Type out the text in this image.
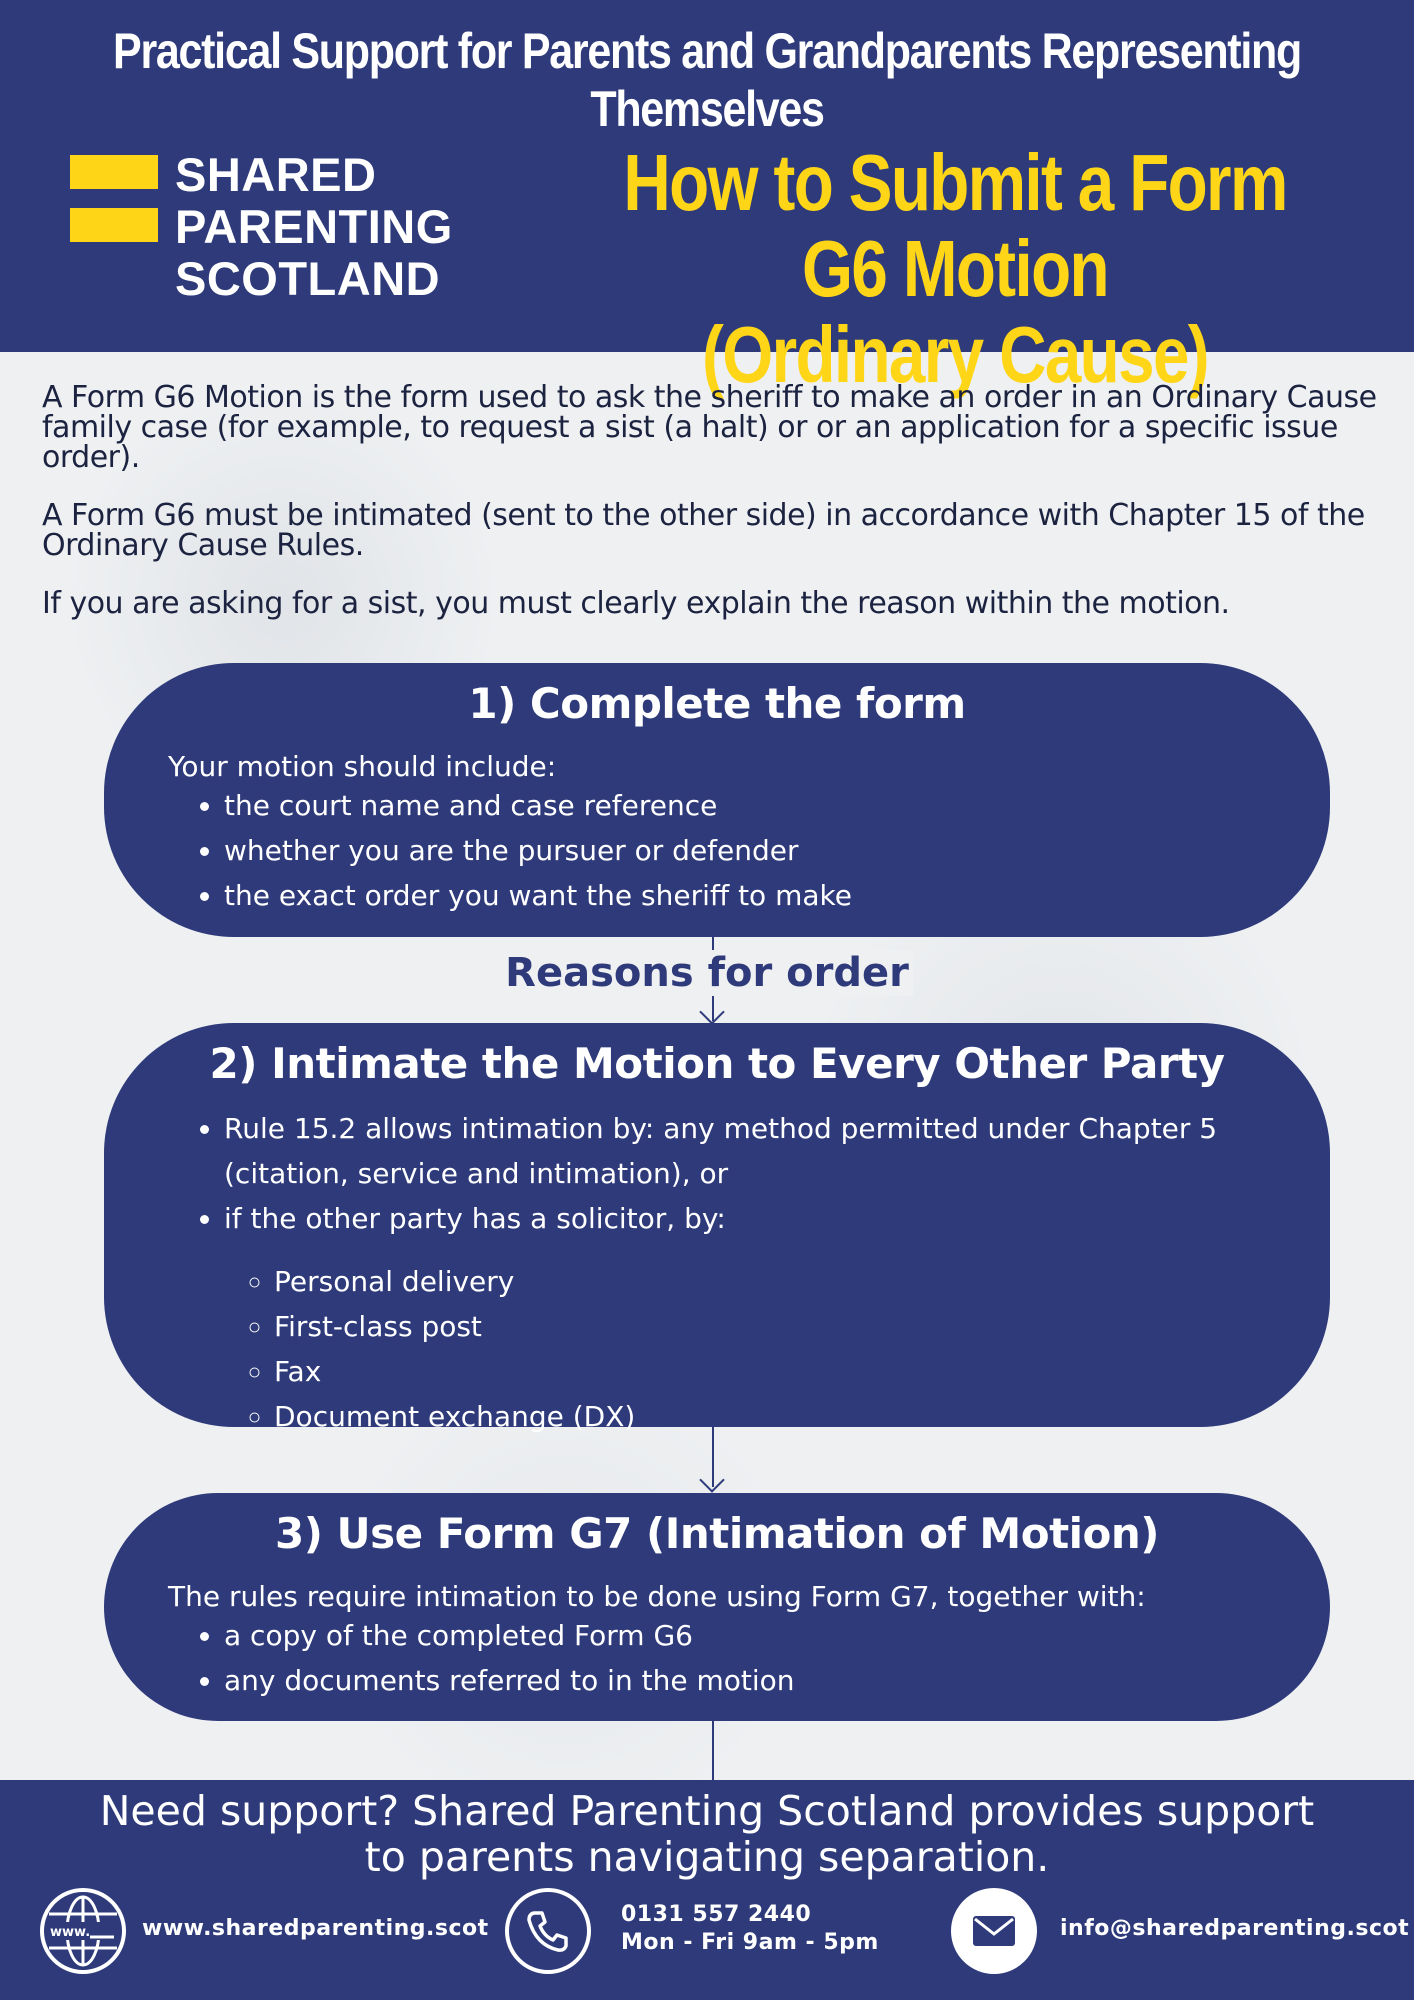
Practical Support for Parents and Grandparents Representing Themselves
SHARED
PARENTING
SCOTLAND
How to Submit a Form G6 Motion
(Ordinary Cause)

A Form G6 Motion is the form used to ask the sheriff to make an order in an Ordinary Cause family case (for example, to request a sist (a halt) or or an application for a specific issue order).

A Form G6 must be intimated (sent to the other side) in accordance with Chapter 15 of the Ordinary Cause Rules.

If you are asking for a sist, you must clearly explain the reason within the motion.

Reasons for order
1) Complete the form
Your motion should include:
• the court name and case reference
• whether you are the pursuer or defender
• the exact order you want the sheriff to make
2) Intimate the Motion to Every Other Party
• Rule 15.2 allows intimation by: any method permitted under Chapter 5 (citation, service and intimation), or
• if the other party has a solicitor, by:
◦ Personal delivery
◦ First-class post
◦ Fax
◦ Document exchange (DX)
3) Use Form G7 (Intimation of Motion)
The rules require intimation to be done using Form G7, together with:
• a copy of the completed Form G6
• any documents referred to in the motion
Need support? Shared Parenting Scotland provides support
to parents navigating separation.
www. www.sharedparenting.scot
0131 557 2440
Mon - Fri 9am - 5pm
info@sharedparenting.scot
